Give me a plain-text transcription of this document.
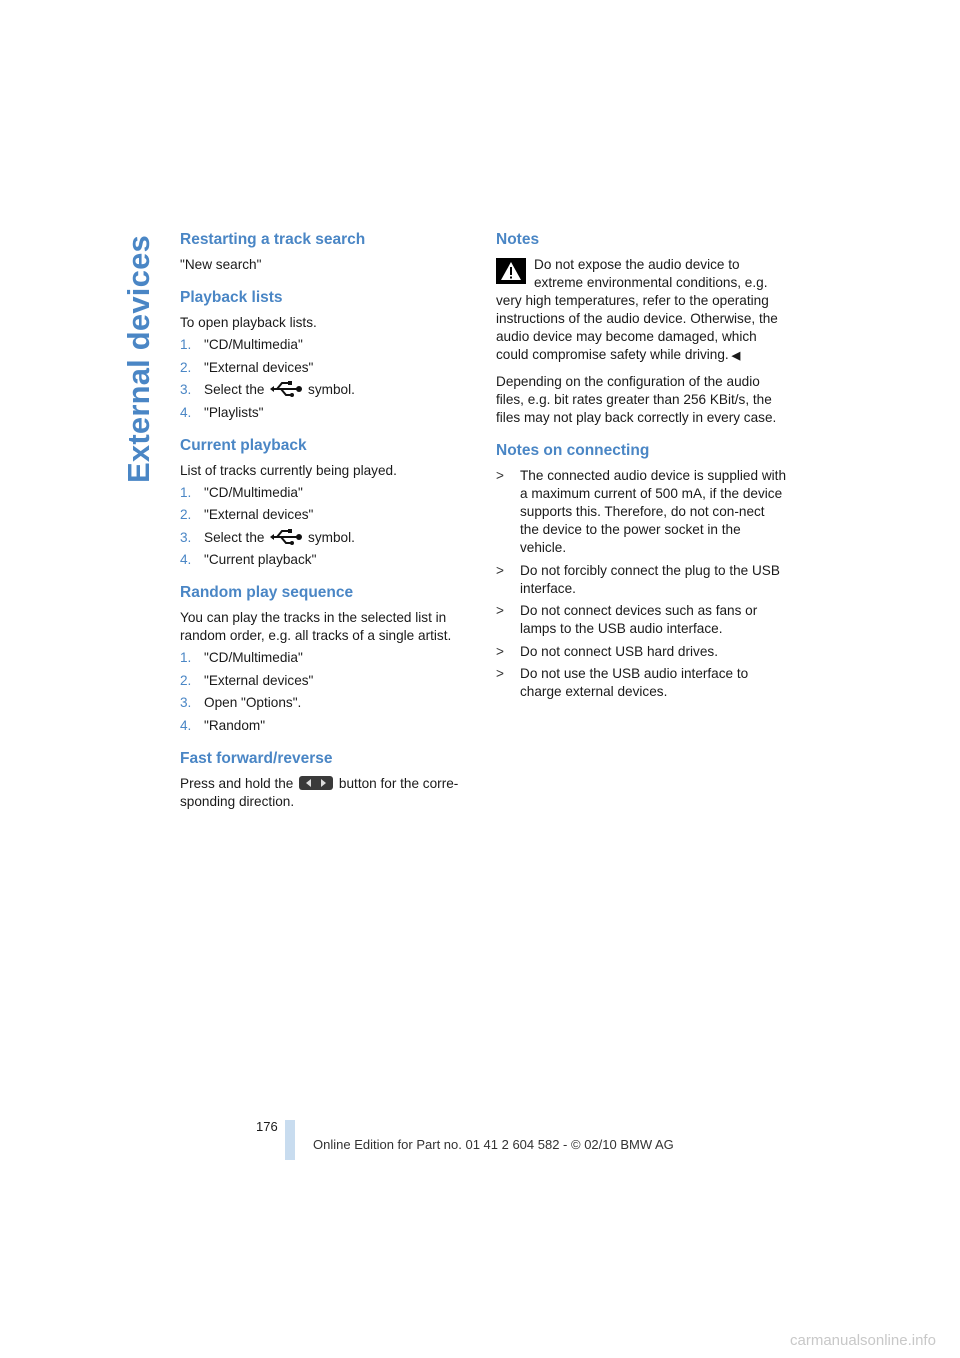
External devices Restarting a track search

"New search"

Playback lists

To open playback lists.

1. "CD/Multimedia"
2. "External devices"
3. Select the	symbol.
4. "Playlists"
Current playback

List of tracks currently being played.

1. "CD/Multimedia"
2. "External devices"
3. Select the	symbol.
4. "Current playback"
Random play sequence

You can play the tracks in the selected list in random order, e.g. all tracks of a single artist.

1. "CD/Multimedia"
2. "External devices"
3. Open "Options".
4. "Random"
Fast forward/reverse

Press and hold the	button for the corre-sponding direction.

Notes

Do not expose the audio device to extreme environmental conditions, e.g. very high temperatures, refer to the operating instructions of the audio device. Otherwise, the audio device may become damaged, which could compromise safety while driving. ◀

Depending on the configuration of the audio files, e.g. bit rates greater than 256 KBit/s, the files may not play back correctly in every case.

Notes on connecting
>	The connected audio device is supplied with a maximum current of 500 mA, if the device supports this. Therefore, do not con-nect the device to the power socket in the vehicle.
>	Do not forcibly connect the plug to the USB interface.
>	Do not connect devices such as fans or lamps to the USB audio interface.
>	Do not connect USB hard drives.
>	Do not use the USB audio interface to charge external devices.
176
Online Edition for Part no. 01 41 2 604 582 - © 02/10 BMW AG
carmanualsonline.info
